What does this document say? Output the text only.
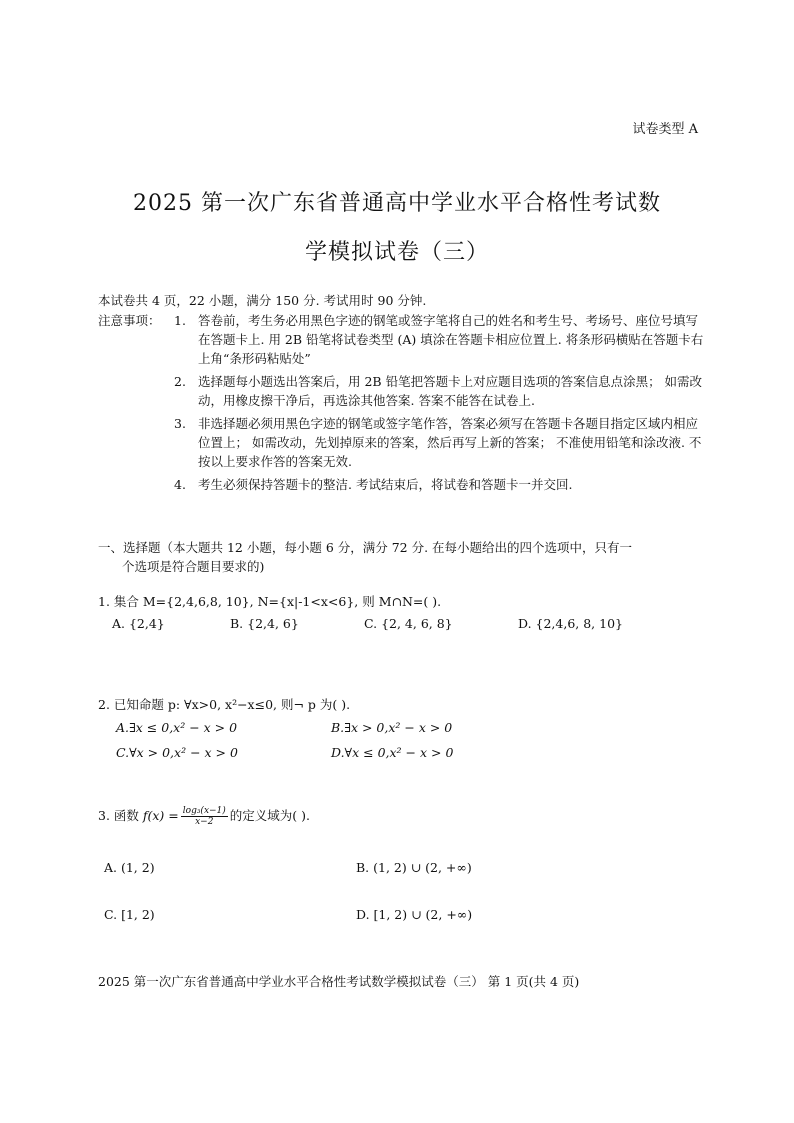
试卷类型 A
2025 第一次广东省普通高中学业水平合格性考试数
学模拟试卷（三）
本试卷共 4 页，22 小题，满分 150 分. 考试用时 90 分钟.
注意事项： 1. 答卷前，考生务必用黑色字迹的钢笔或签字笔将自己的姓名和考生号、考场号、座位号填写在答题卡上. 用 2B 铅笔将试卷类型 (A) 填涂在答题卡相应位置上. 将条形码横贴在答题卡右上角“条形码粘贴处”
2. 选择题每小题选出答案后，用 2B 铅笔把答题卡上对应题目选项的答案信息点涂黑； 如需改动，用橡皮擦干净后，再选涂其他答案. 答案不能答在试卷上.
3. 非选择题必须用黑色字迹的钢笔或签字笔作答，答案必须写在答题卡各题目指定区域内相应位置上； 如需改动，先划掉原来的答案，然后再写上新的答案； 不准使用铅笔和涂改液. 不按以上要求作答的答案无效.
4. 考生必须保持答题卡的整洁. 考试结束后，将试卷和答题卡一并交回.
一、选择题（本大题共 12 小题，每小题 6 分，满分 72 分. 在每小题给出的四个选项中，只有一
个选项是符合题目要求的)
1. 集合 M={2,4,6,8, 10}, N={x|-1<x<6}, 则 M∩N=( ).
A. {2,4}	B. {2,4, 6}	C. {2, 4, 6, 8}	D. {2,4,6, 8, 10}
2. 已知命题 p: ∀x>0, x²−x≤0, 则¬ p 为( ).
A.∃x ≤ 0,x² − x > 0	B.∃x > 0,x² − x > 0
C.∀x > 0,x² − x > 0	D.∀x ≤ 0,x² − x > 0
3. 函数 $f(x) = \frac{\text{log₃(x−1)}}{x-2}$ 的定义域为( ).
A. (1, 2)	B. (1, 2) ∪ (2, +∞)
C. [1, 2)	D. [1, 2) ∪ (2, +∞)
2025 第一次广东省普通高中学业水平合格性考试数学模拟试卷（三） 第 1 页(共 4 页)
